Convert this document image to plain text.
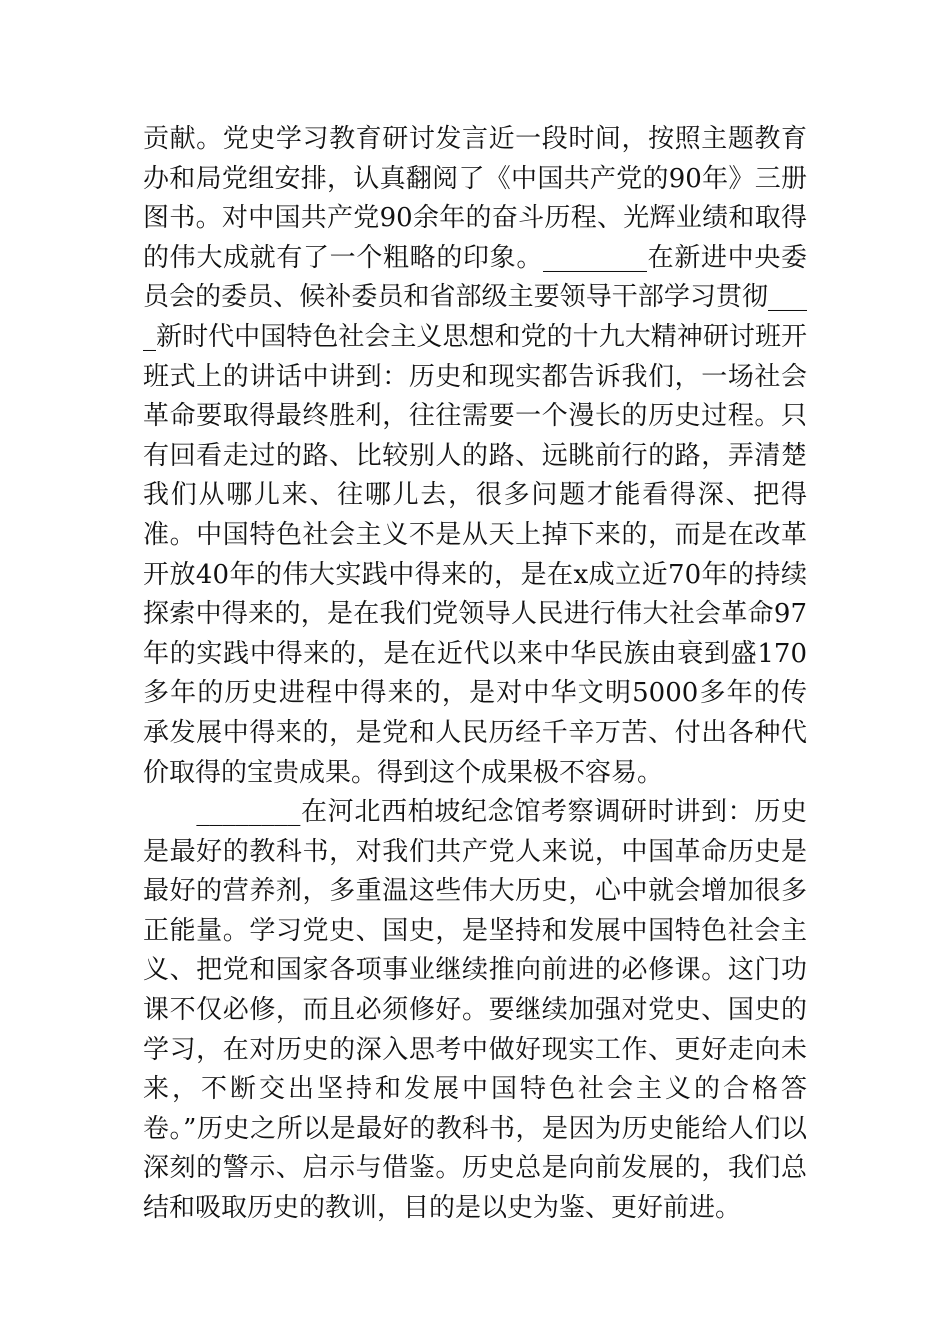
贡献。党史学习教育研讨发言近一段时间，按照主题教育办和局党组安排，认真翻阅了《中国共产党的90年》三册图书。对中国共产党90余年的奋斗历程、光辉业绩和取得的伟大成就有了一个粗略的印象。________在新进中央委员会的委员、候补委员和省部级主要领导干部学习贯彻____新时代中国特色社会主义思想和党的十九大精神研讨班开班式上的讲话中讲到：历史和现实都告诉我们，一场社会革命要取得最终胜利，往往需要一个漫长的历史过程。只有回看走过的路、比较别人的路、远眺前行的路，弄清楚我们从哪儿来、往哪儿去，很多问题才能看得深、把得准。中国特色社会主义不是从天上掉下来的，而是在改革开放40年的伟大实践中得来的，是在x成立近70年的持续探索中得来的，是在我们党领导人民进行伟大社会革命97年的实践中得来的，是在近代以来中华民族由衰到盛170多年的历史进程中得来的，是对中华文明5000多年的传承发展中得来的，是党和人民历经千辛万苦、付出各种代价取得的宝贵成果。得到这个成果极不容易。

　　________在河北西柏坡纪念馆考察调研时讲到：历史是最好的教科书，对我们共产党人来说，中国革命历史是最好的营养剂，多重温这些伟大历史，心中就会增加很多正能量。学习党史、国史，是坚持和发展中国特色社会主义、把党和国家各项事业继续推向前进的必修课。这门功课不仅必修，而且必须修好。要继续加强对党史、国史的学习，在对历史的深入思考中做好现实工作、更好走向未来，不断交出坚持和发展中国特色社会主义的合格答卷。”历史之所以是最好的教科书，是因为历史能给人们以深刻的警示、启示与借鉴。历史总是向前发展的，我们总结和吸取历史的教训，目的是以史为鉴、更好前进。
